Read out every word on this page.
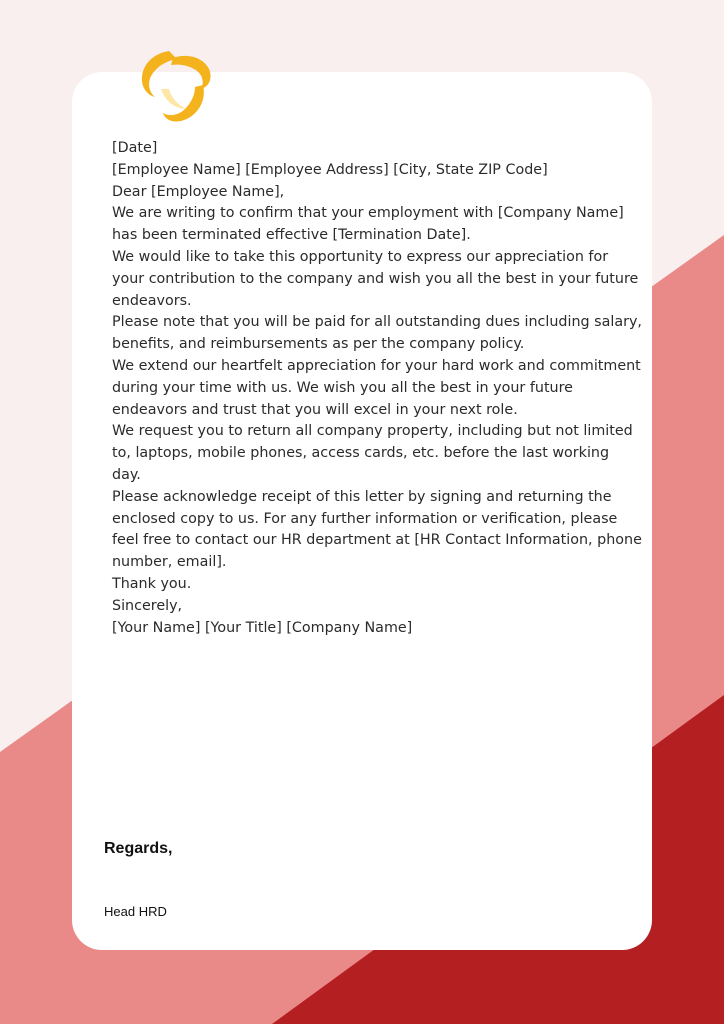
[Date]
[Employee Name] [Employee Address] [City, State ZIP Code]
Dear [Employee Name],
We are writing to confirm that your employment with [Company Name] has been terminated effective [Termination Date].
We would like to take this opportunity to express our appreciation for your contribution to the company and wish you all the best in your future endeavors.
Please note that you will be paid for all outstanding dues including salary, benefits, and reimbursements as per the company policy.
We extend our heartfelt appreciation for your hard work and commitment during your time with us. We wish you all the best in your future endeavors and trust that you will excel in your next role.
We request you to return all company property, including but not limited to, laptops, mobile phones, access cards, etc. before the last working day.
Please acknowledge receipt of this letter by signing and returning the enclosed copy to us. For any further information or verification, please feel free to contact our HR department at [HR Contact Information, phone number, email].
Thank you.
Sincerely,
[Your Name] [Your Title] [Company Name]
Regards,
Head HRD
